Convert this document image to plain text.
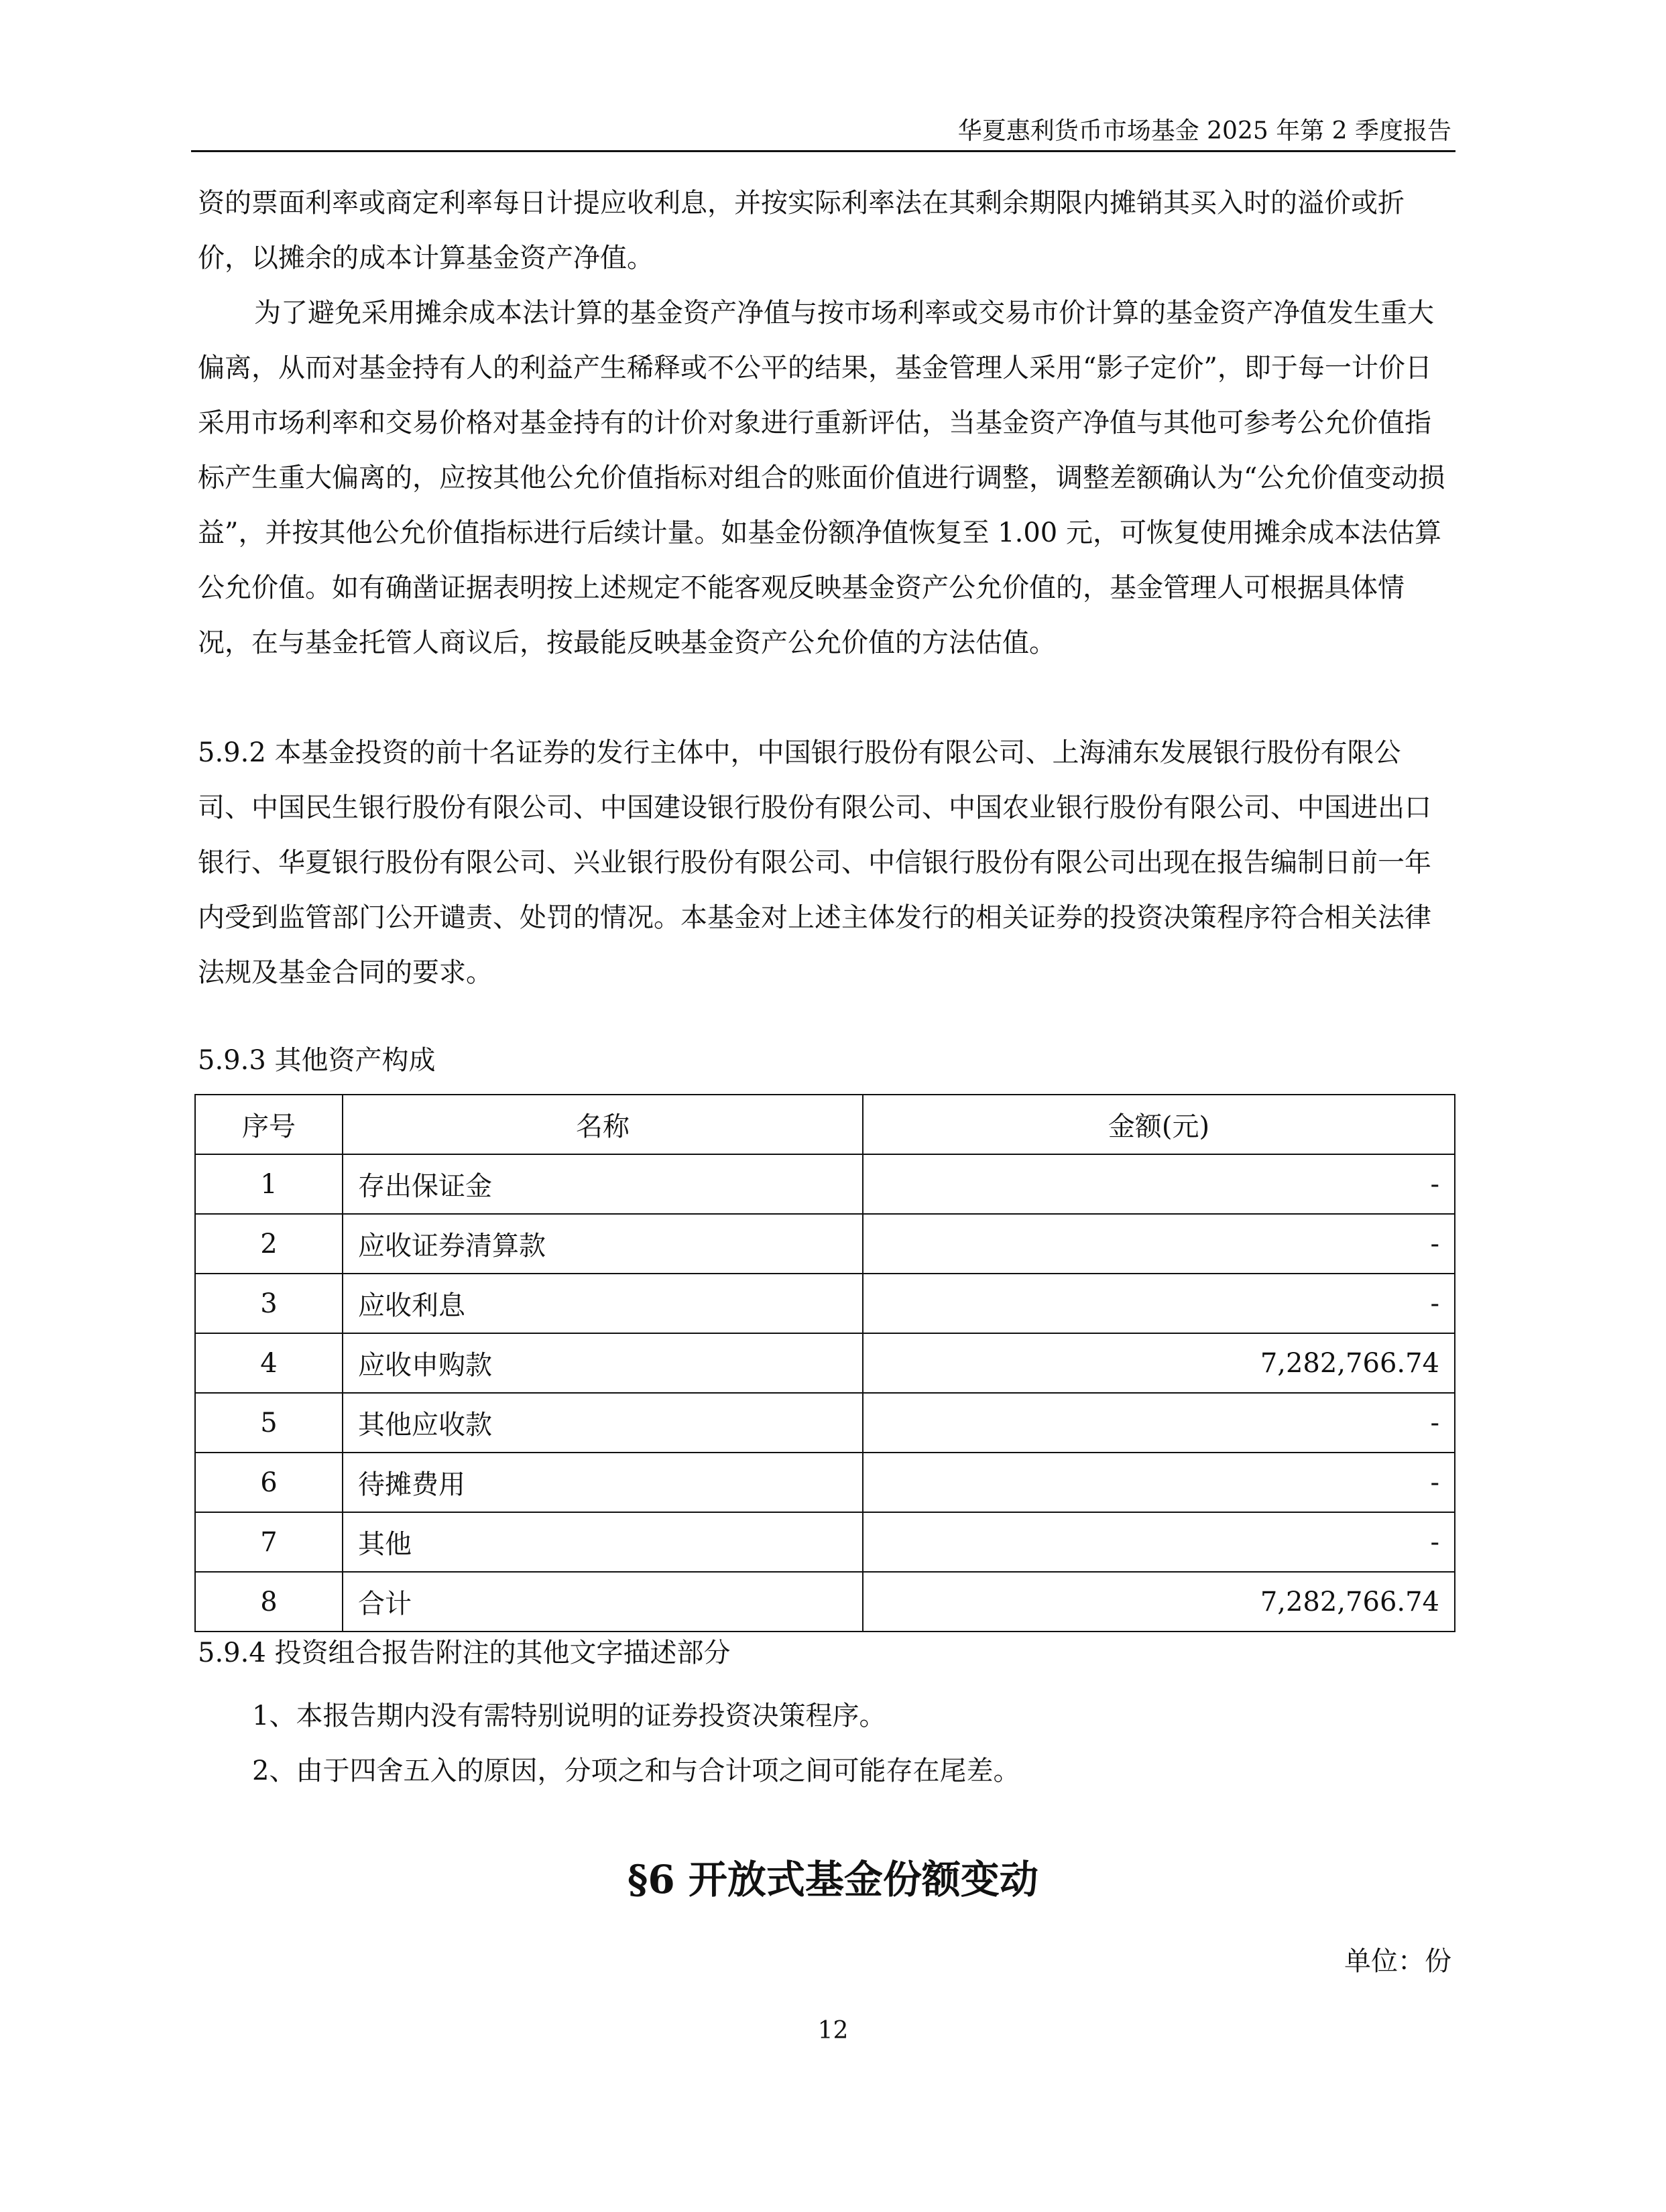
华夏惠利货币市场基金 2025 年第 2 季度报告

资的票面利率或商定利率每日计提应收利息，并按实际利率法在其剩余期限内摊销其买入时的溢价或折价，以摊余的成本计算基金资产净值。

为了避免采用摊余成本法计算的基金资产净值与按市场利率或交易市价计算的基金资产净值发生重大偏离，从而对基金持有人的利益产生稀释或不公平的结果，基金管理人采用“影子定价”，即于每一计价日采用市场利率和交易价格对基金持有的计价对象进行重新评估，当基金资产净值与其他可参考公允价值指标产生重大偏离的，应按其他公允价值指标对组合的账面价值进行调整，调整差额确认为“公允价值变动损益”，并按其他公允价值指标进行后续计量。如基金份额净值恢复至 1.00 元，可恢复使用摊余成本法估算公允价值。如有确凿证据表明按上述规定不能客观反映基金资产公允价值的，基金管理人可根据具体情况，在与基金托管人商议后，按最能反映基金资产公允价值的方法估值。

5.9.2 本基金投资的前十名证券的发行主体中，中国银行股份有限公司、上海浦东发展银行股份有限公司、中国民生银行股份有限公司、中国建设银行股份有限公司、中国农业银行股份有限公司、中国进出口银行、华夏银行股份有限公司、兴业银行股份有限公司、中信银行股份有限公司出现在报告编制日前一年内受到监管部门公开谴责、处罚的情况。本基金对上述主体发行的相关证券的投资决策程序符合相关法律法规及基金合同的要求。

5.9.3 其他资产构成
序号	名称	金额(元)
1	存出保证金	-
2	应收证券清算款	-
3	应收利息	-
4	应收申购款	7,282,766.74
5	其他应收款	-
6	待摊费用	-
7	其他	-
8	合计	7,282,766.74
5.9.4 投资组合报告附注的其他文字描述部分
1、本报告期内没有需特别说明的证券投资决策程序。
2、由于四舍五入的原因，分项之和与合计项之间可能存在尾差。
§6 开放式基金份额变动
单位：份
12
